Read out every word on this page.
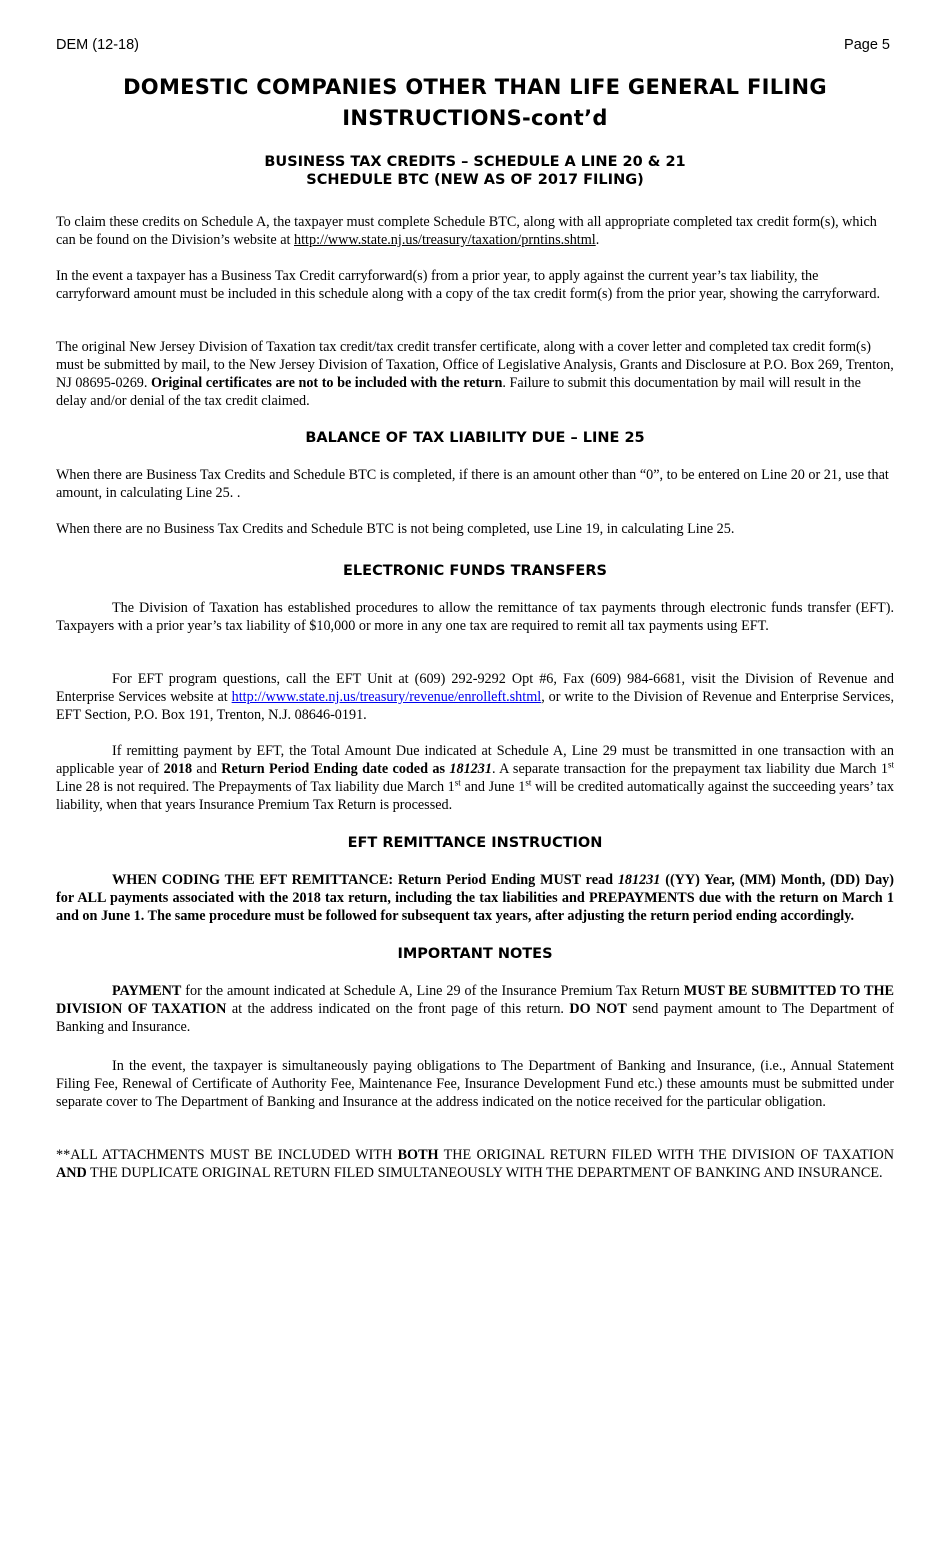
DEM (12-18)	Page 5
DOMESTIC COMPANIES OTHER THAN LIFE GENERAL FILING
INSTRUCTIONS-cont’d
BUSINESS TAX CREDITS – SCHEDULE A LINE 20 & 21
SCHEDULE BTC (NEW AS OF 2017 FILING)

To claim these credits on Schedule A, the taxpayer must complete Schedule BTC, along with all appropriate completed tax credit form(s), which can be found on the Division’s website at http://www.state.nj.us/treasury/taxation/prntins.shtml.

In the event a taxpayer has a Business Tax Credit carryforward(s) from a prior year, to apply against the current year’s tax liability, the carryforward amount must be included in this schedule along with a copy of the tax credit form(s) from the prior year, showing the carryforward.

The original New Jersey Division of Taxation tax credit/tax credit transfer certificate, along with a cover letter and completed tax credit form(s) must be submitted by mail, to the New Jersey Division of Taxation, Office of Legislative Analysis, Grants and Disclosure at P.O. Box 269, Trenton, NJ 08695-0269. Original certificates are not to be included with the return. Failure to submit this documentation by mail will result in the delay and/or denial of the tax credit claimed.

BALANCE OF TAX LIABILITY DUE – LINE 25

When there are Business Tax Credits and Schedule BTC is completed, if there is an amount other than “0”, to be entered on Line 20 or 21, use that amount, in calculating Line 25. .

When there are no Business Tax Credits and Schedule BTC is not being completed, use Line 19, in calculating Line 25.

ELECTRONIC FUNDS TRANSFERS

The Division of Taxation has established procedures to allow the remittance of tax payments through electronic funds transfer (EFT). Taxpayers with a prior year’s tax liability of $10,000 or more in any one tax are required to remit all tax payments using EFT.

For EFT program questions, call the EFT Unit at (609) 292-9292 Opt #6, Fax (609) 984-6681, visit the Division of Revenue and Enterprise Services website at http://www.state.nj.us/treasury/revenue/enrolleft.shtml, or write to the Division of Revenue and Enterprise Services, EFT Section, P.O. Box 191, Trenton, N.J. 08646-0191.

If remitting payment by EFT, the Total Amount Due indicated at Schedule A, Line 29 must be transmitted in one transaction with an applicable year of 2018 and Return Period Ending date coded as 181231. A separate transaction for the prepayment tax liability due March 1st Line 28 is not required. The Prepayments of Tax liability due March 1st and June 1st will be credited automatically against the succeeding years’ tax liability, when that years Insurance Premium Tax Return is processed.

EFT REMITTANCE INSTRUCTION

WHEN CODING THE EFT REMITTANCE: Return Period Ending MUST read 181231 ((YY) Year, (MM) Month, (DD) Day) for ALL payments associated with the 2018 tax return, including the tax liabilities and PREPAYMENTS due with the return on March 1 and on June 1. The same procedure must be followed for subsequent tax years, after adjusting the return period ending accordingly.

IMPORTANT NOTES

PAYMENT for the amount indicated at Schedule A, Line 29 of the Insurance Premium Tax Return MUST BE SUBMITTED TO THE DIVISION OF TAXATION at the address indicated on the front page of this return. DO NOT send payment amount to The Department of Banking and Insurance.

In the event, the taxpayer is simultaneously paying obligations to The Department of Banking and Insurance, (i.e., Annual Statement Filing Fee, Renewal of Certificate of Authority Fee, Maintenance Fee, Insurance Development Fund etc.) these amounts must be submitted under separate cover to The Department of Banking and Insurance at the address indicated on the notice received for the particular obligation.

**ALL ATTACHMENTS MUST BE INCLUDED WITH BOTH THE ORIGINAL RETURN FILED WITH THE DIVISION OF TAXATION AND THE DUPLICATE ORIGINAL RETURN FILED SIMULTANEOUSLY WITH THE DEPARTMENT OF BANKING AND INSURANCE.
